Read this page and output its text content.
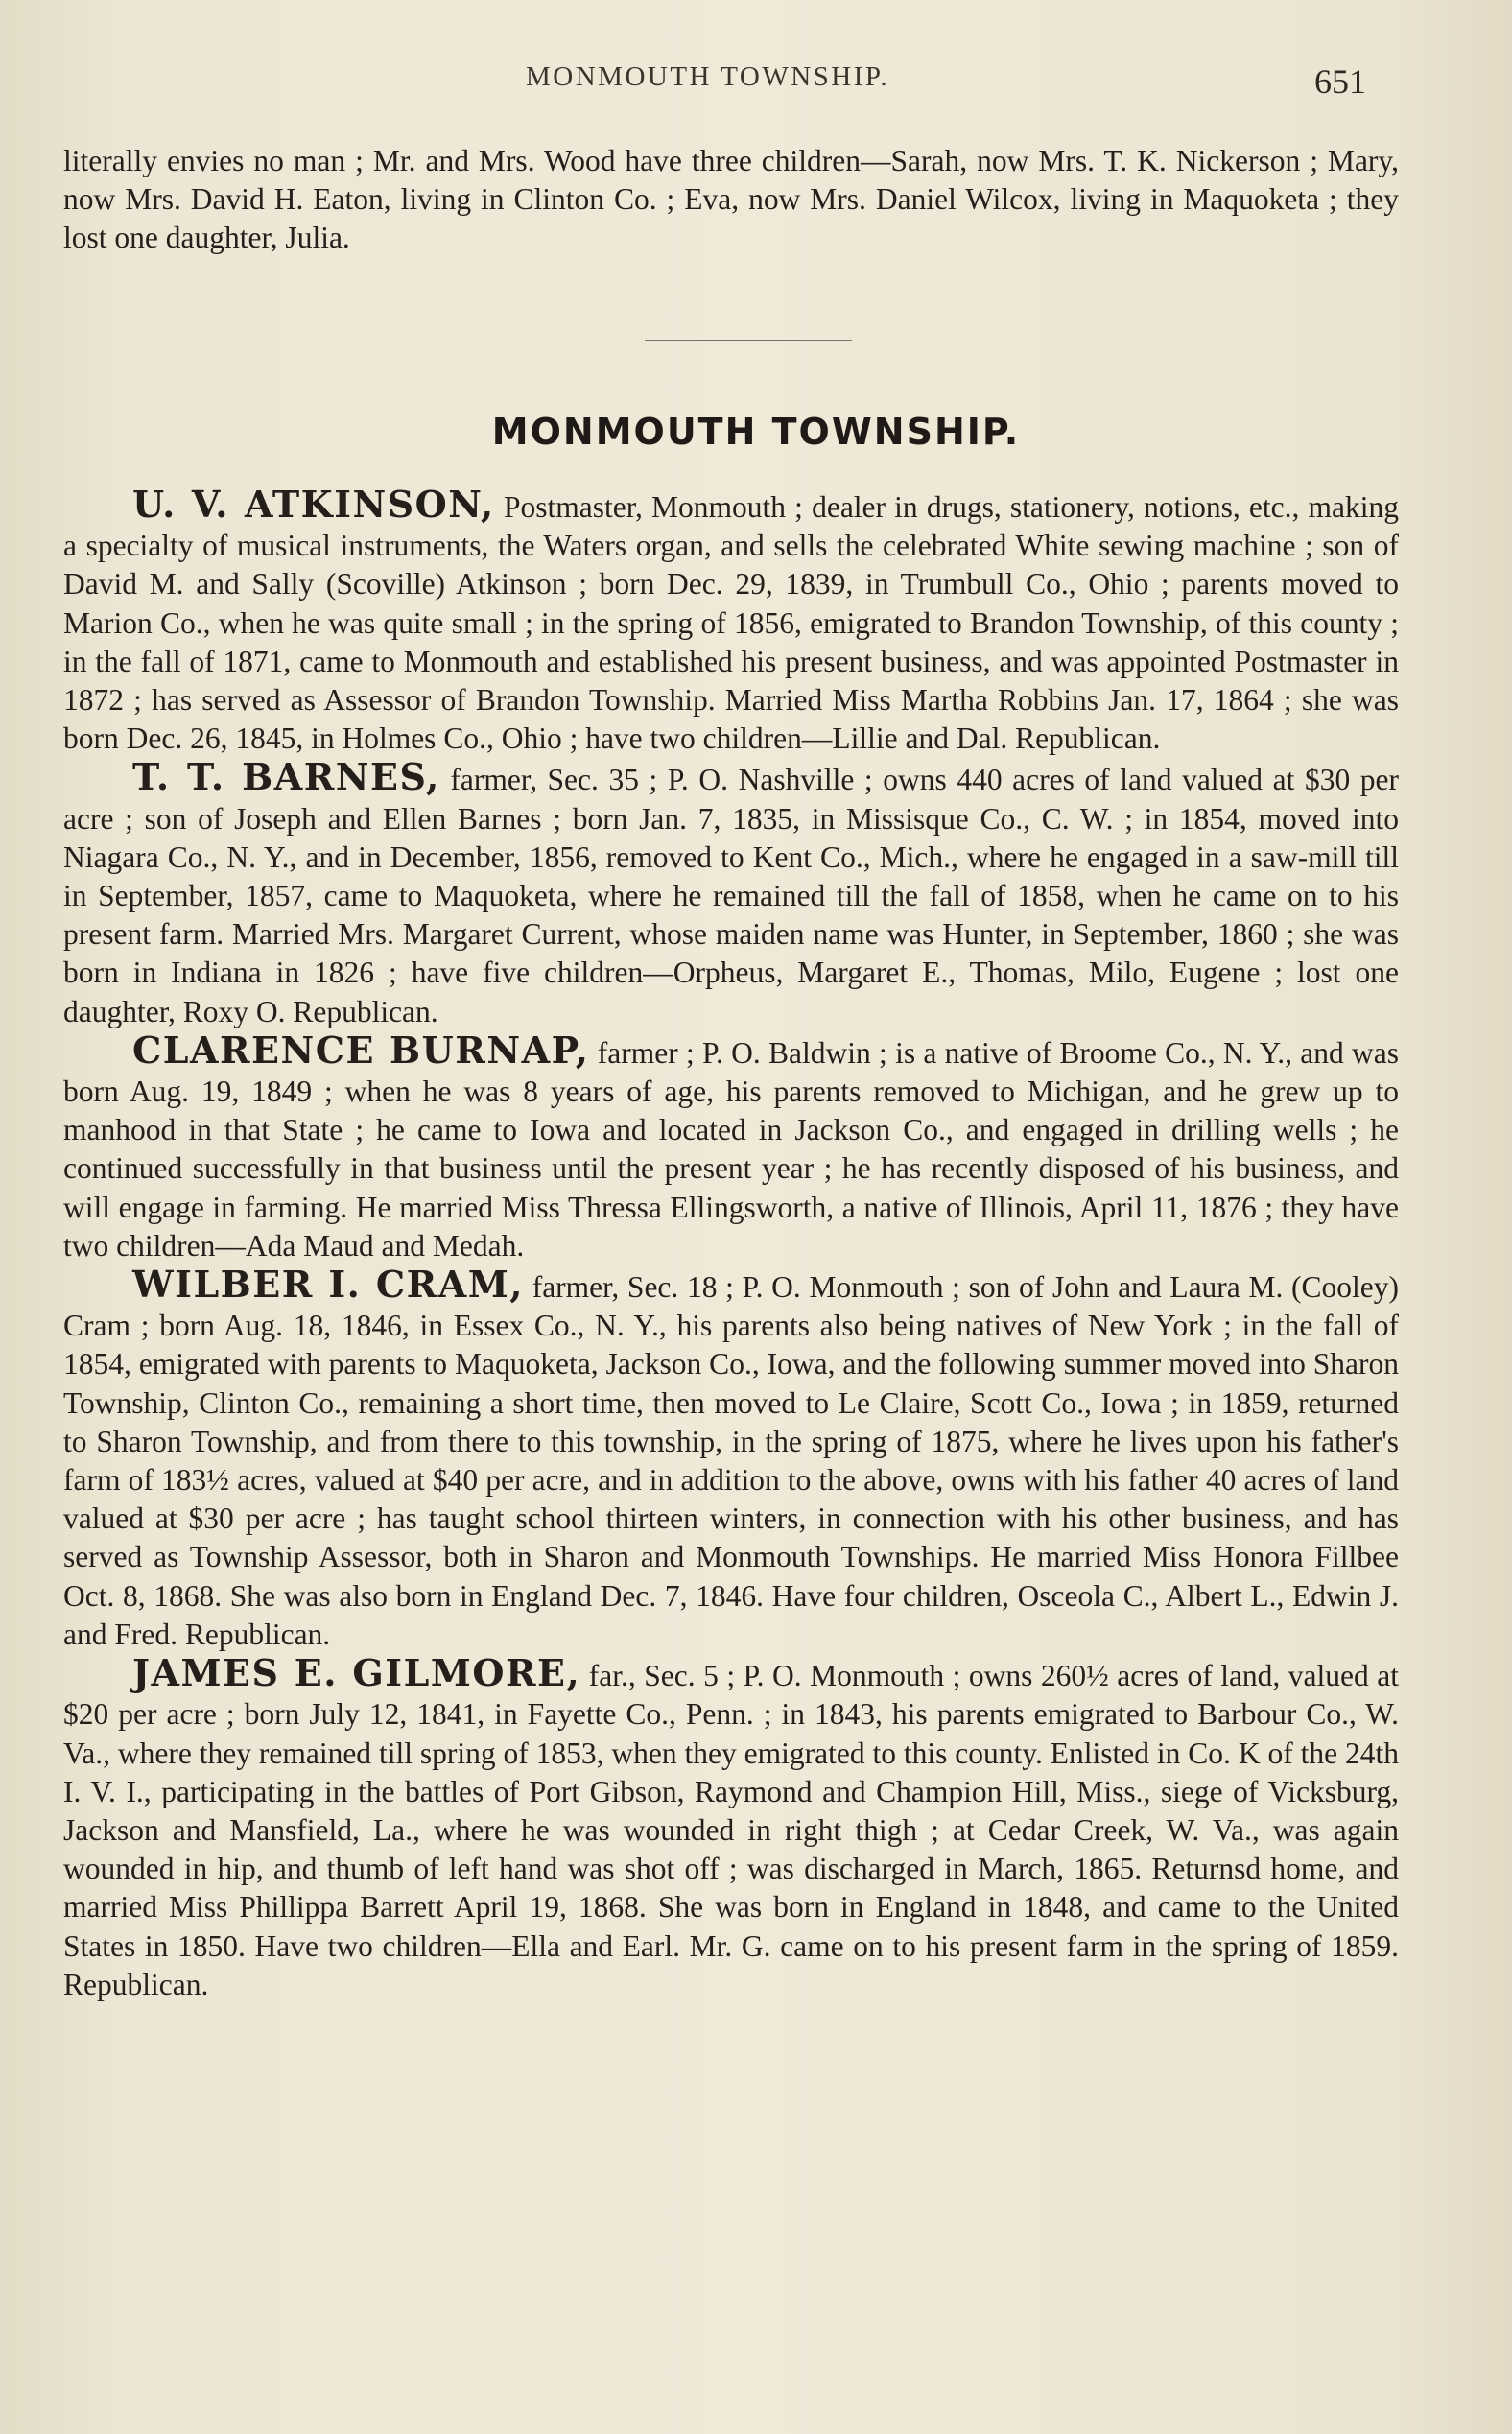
MONMOUTH TOWNSHIP.	651

literally envies no man ; Mr. and Mrs. Wood have three children—Sarah, now Mrs. T. K. Nickerson ; Mary, now Mrs. David H. Eaton, living in Clinton Co. ; Eva, now Mrs. Daniel Wilcox, living in Maquoketa ; they lost one daughter, Julia.

MONMOUTH TOWNSHIP.

U. V. ATKINSON, Postmaster, Monmouth ; dealer in drugs, stationery, notions, etc., making a specialty of musical instruments, the Waters organ, and sells the celebrated White sewing machine ; son of David M. and Sally (Scoville) Atkinson ; born Dec. 29, 1839, in Trumbull Co., Ohio ; parents moved to Marion Co., when he was quite small ; in the spring of 1856, emigrated to Brandon Township, of this county ; in the fall of 1871, came to Monmouth and established his present business, and was appointed Postmaster in 1872 ; has served as Assessor of Brandon Township. Married Miss Martha Robbins Jan. 17, 1864 ; she was born Dec. 26, 1845, in Holmes Co., Ohio ; have two children—Lillie and Dal. Republican.

T. T. BARNES, farmer, Sec. 35 ; P. O. Nashville ; owns 440 acres of land valued at $30 per acre ; son of Joseph and Ellen Barnes ; born Jan. 7, 1835, in Missisque Co., C. W. ; in 1854, moved into Niagara Co., N. Y., and in December, 1856, removed to Kent Co., Mich., where he engaged in a saw-mill till in September, 1857, came to Maquoketa, where he remained till the fall of 1858, when he came on to his present farm. Married Mrs. Margaret Current, whose maiden name was Hunter, in September, 1860 ; she was born in Indiana in 1826 ; have five children—Orpheus, Margaret E., Thomas, Milo, Eugene ; lost one daughter, Roxy O. Republican.

CLARENCE BURNAP, farmer ; P. O. Baldwin ; is a native of Broome Co., N. Y., and was born Aug. 19, 1849 ; when he was 8 years of age, his parents removed to Michigan, and he grew up to manhood in that State ; he came to Iowa and located in Jackson Co., and engaged in drilling wells ; he continued successfully in that business until the present year ; he has recently disposed of his business, and will engage in farming. He married Miss Thressa Ellingsworth, a native of Illinois, April 11, 1876 ; they have two children—Ada Maud and Medah.

WILBER I. CRAM, farmer, Sec. 18 ; P. O. Monmouth ; son of John and Laura M. (Cooley) Cram ; born Aug. 18, 1846, in Essex Co., N. Y., his parents also being natives of New York ; in the fall of 1854, emigrated with parents to Maquoketa, Jackson Co., Iowa, and the following summer moved into Sharon Township, Clinton Co., remaining a short time, then moved to Le Claire, Scott Co., Iowa ; in 1859, returned to Sharon Township, and from there to this township, in the spring of 1875, where he lives upon his father's farm of 183½ acres, valued at $40 per acre, and in addition to the above, owns with his father 40 acres of land valued at $30 per acre ; has taught school thirteen winters, in connection with his other business, and has served as Township Assessor, both in Sharon and Monmouth Townships. He married Miss Honora Fillbee Oct. 8, 1868. She was also born in England Dec. 7, 1846. Have four children, Osceola C., Albert L., Edwin J. and Fred. Republican.

JAMES E. GILMORE, far., Sec. 5 ; P. O. Monmouth ; owns 260½ acres of land, valued at $20 per acre ; born July 12, 1841, in Fayette Co., Penn. ; in 1843, his parents emigrated to Barbour Co., W. Va., where they remained till spring of 1853, when they emigrated to this county. Enlisted in Co. K of the 24th I. V. I., participating in the battles of Port Gibson, Raymond and Champion Hill, Miss., siege of Vicksburg, Jackson and Mansfield, La., where he was wounded in right thigh ; at Cedar Creek, W. Va., was again wounded in hip, and thumb of left hand was shot off ; was discharged in March, 1865. Returnsd home, and married Miss Phillippa Barrett April 19, 1868. She was born in England in 1848, and came to the United States in 1850. Have two children—Ella and Earl. Mr. G. came on to his present farm in the spring of 1859. Republican.
